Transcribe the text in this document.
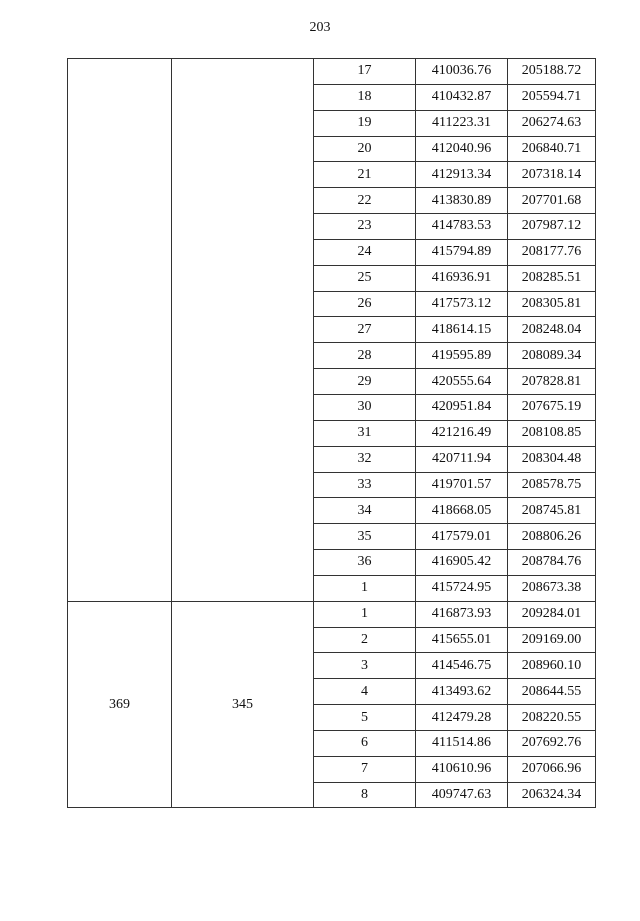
203
		17	410036.76	205188.72
		18	410432.87	205594.71
		19	411223.31	206274.63
		20	412040.96	206840.71
		21	412913.34	207318.14
		22	413830.89	207701.68
		23	414783.53	207987.12
		24	415794.89	208177.76
		25	416936.91	208285.51
		26	417573.12	208305.81
		27	418614.15	208248.04
		28	419595.89	208089.34
		29	420555.64	207828.81
		30	420951.84	207675.19
		31	421216.49	208108.85
		32	420711.94	208304.48
		33	419701.57	208578.75
		34	418668.05	208745.81
		35	417579.01	208806.26
		36	416905.42	208784.76
		1	415724.95	208673.38
369	345	1	416873.93	209284.01
		2	415655.01	209169.00
		3	414546.75	208960.10
		4	413493.62	208644.55
		5	412479.28	208220.55
		6	411514.86	207692.76
		7	410610.96	207066.96
		8	409747.63	206324.34
